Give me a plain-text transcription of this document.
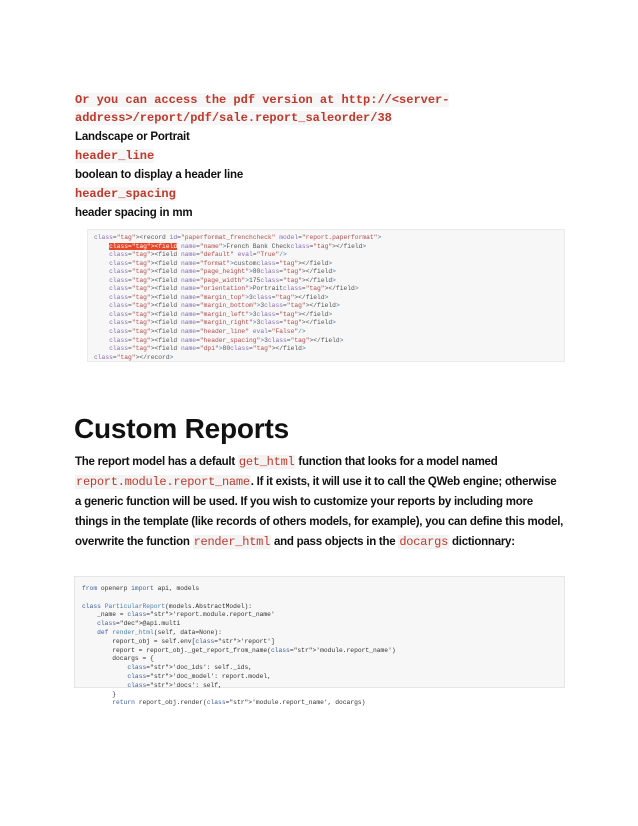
Or you can access the pdf version at http://<server-
address>/report/pdf/sale.report_saleorder/38
Landscape or Portrait
header_line
boolean to display a header line
header_spacing
header spacing in mm
class="tag"><record id="paperformat_frenchcheck" model="report.paperformat">
class="tag"><field name="name">French Bank Checkclass="tag"></field>
class="tag"><field name="default" eval="True"/>
class="tag"><field name="format">customclass="tag"></field>
class="tag"><field name="page_height">80class="tag"></field>
class="tag"><field name="page_width">175class="tag"></field>
class="tag"><field name="orientation">Portraitclass="tag"></field>
class="tag"><field name="margin_top">3class="tag"></field>
class="tag"><field name="margin_bottom">3class="tag"></field>
class="tag"><field name="margin_left">3class="tag"></field>
class="tag"><field name="margin_right">3class="tag"></field>
class="tag"><field name="header_line" eval="False"/>
class="tag"><field name="header_spacing">3class="tag"></field>
class="tag"><field name="dpi">80class="tag"></field>
class="tag"></record>
Custom Reports
The report model has a default get_html function that looks for a model named
report.module.report_name. If it exists, it will use it to call the QWeb engine; otherwise a generic function will be used. If you wish to customize your reports by including more things in the template (like records of others models, for example), you can define this model, overwrite the function render_html and pass objects in the docargs dictionnary:
from openerp import api, models

class ParticularReport(models.AbstractModel):
_name = class="str">'report.module.report_name'
class="dec">@api.multi
def render_html(self, data=None):
report_obj = self.env[class="str">'report']
report = report_obj._get_report_from_name(class="str">'module.report_name')
docargs = {
class="str">'doc_ids': self._ids,
class="str">'doc_model': report.model,
class="str">'docs': self,
}
return report_obj.render(class="str">'module.report_name', docargs)
